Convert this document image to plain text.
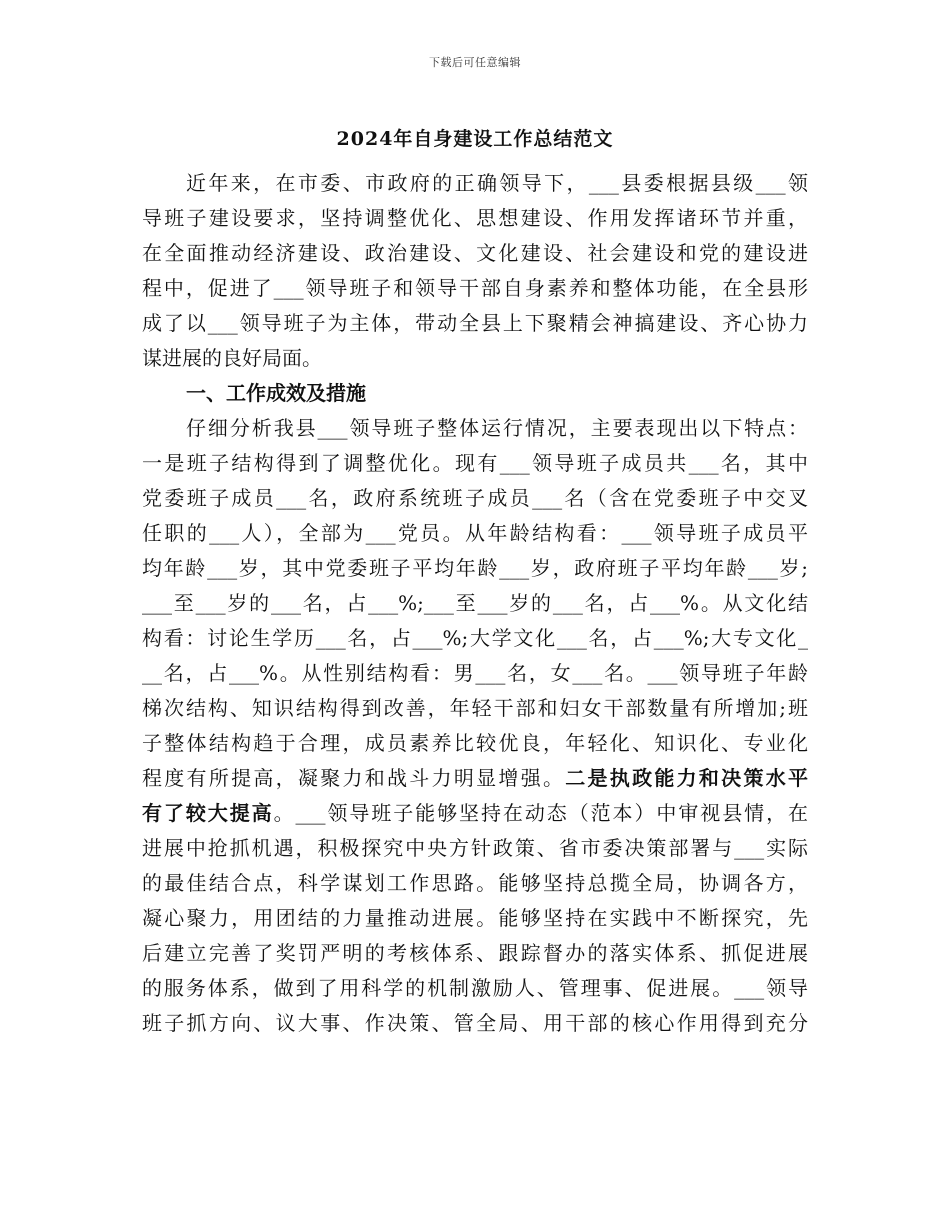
下载后可任意编辑
2024年自身建设工作总结范文
近年来，在市委、市政府的正确领导下，___县委根据县级___领
导班子建设要求，坚持调整优化、思想建设、作用发挥诸环节并重，
在全面推动经济建设、政治建设、文化建设、社会建设和党的建设进
程中，促进了___领导班子和领导干部自身素养和整体功能，在全县形
成了以___领导班子为主体，带动全县上下聚精会神搞建设、齐心协力
谋进展的良好局面。
一、工作成效及措施
仔细分析我县___领导班子整体运行情况，主要表现出以下特点：
一是班子结构得到了调整优化。现有___领导班子成员共___名，其中
党委班子成员___名，政府系统班子成员___名（含在党委班子中交叉
任职的___人），全部为___党员。从年龄结构看：___领导班子成员平
均年龄___岁，其中党委班子平均年龄___岁，政府班子平均年龄___岁;
___至___岁的___名，占___%;___至___岁的___名，占___%。从文化结
构看：讨论生学历___名，占___%;大学文化___名，占___%;大专文化_
__名，占___%。从性别结构看：男___名，女___名。___领导班子年龄
梯次结构、知识结构得到改善，年轻干部和妇女干部数量有所增加;班
子整体结构趋于合理，成员素养比较优良，年轻化、知识化、专业化
程度有所提高，凝聚力和战斗力明显增强。二是执政能力和决策水平
有了较大提高。___领导班子能够坚持在动态（范本）中审视县情，在
进展中抢抓机遇，积极探究中央方针政策、省市委决策部署与___实际
的最佳结合点，科学谋划工作思路。能够坚持总揽全局，协调各方，
凝心聚力，用团结的力量推动进展。能够坚持在实践中不断探究，先
后建立完善了奖罚严明的考核体系、跟踪督办的落实体系、抓促进展
的服务体系，做到了用科学的机制激励人、管理事、促进展。___领导
班子抓方向、议大事、作决策、管全局、用干部的核心作用得到充分
